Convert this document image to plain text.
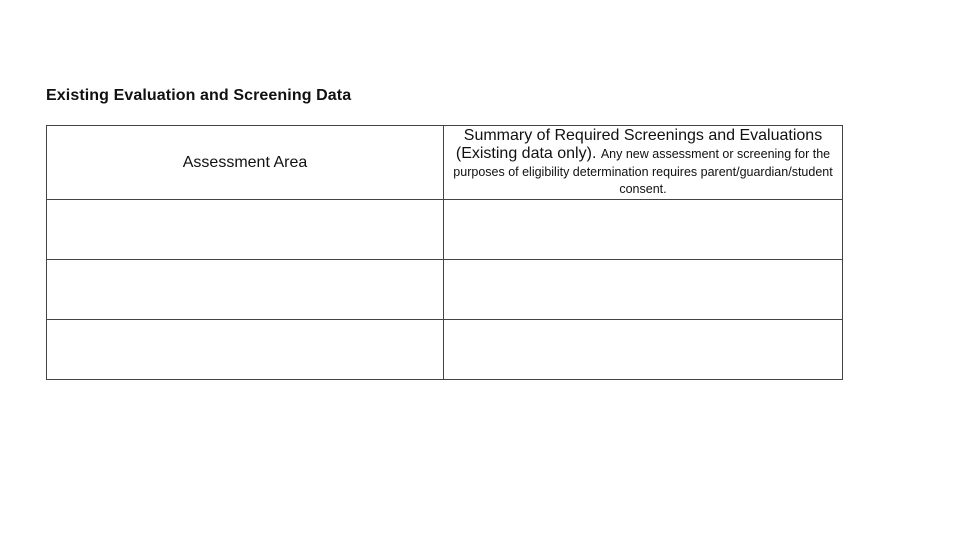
Existing Evaluation and Screening Data
Assessment Area	Summary of Required Screenings and Evaluations (Existing data only). Any new assessment or screening for the purposes of eligibility determination requires parent/guardian/student consent.
